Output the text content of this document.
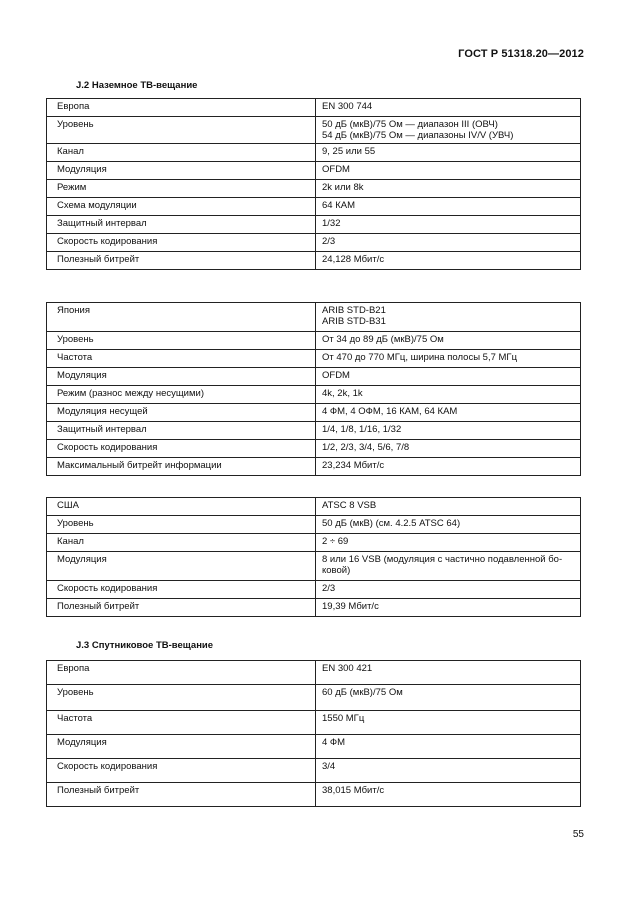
ГОСТ Р 51318.20—2012
J.2 Наземное ТВ-вещание
Европа	EN 300 744

Уровень	50 дБ (мкВ)/75 Ом — диапазон III (ОВЧ)
54 дБ (мкВ)/75 Ом — диапазоны IV/V (УВЧ)

Канал	9, 25 или 55

Модуляция	OFDM

Режим	2k или 8k

Схема модуляции	64 КАМ

Защитный интервал	1/32

Скорость кодирования	2/3

Полезный битрейт	24,128 Мбит/с
Япония	ARIB STD-B21
ARIB STD-B31

Уровень	От 34 до 89 дБ (мкВ)/75 Ом

Частота	От 470 до 770 МГц, ширина полосы 5,7 МГц

Модуляция	OFDM

Режим (разнос между несущими)	4k, 2k, 1k

Модуляция несущей	4 ФМ, 4 ОФМ, 16 КАМ, 64 КАМ

Защитный интервал	1/4, 1/8, 1/16, 1/32

Скорость кодирования	1/2, 2/3, 3/4, 5/6, 7/8

Максимальный битрейт информации	23,234 Мбит/с
США	ATSC 8 VSB

Уровень	50 дБ (мкВ) (см. 4.2.5 ATSC 64)

Канал	2 ÷ 69

Модуляция	8 или 16 VSB (модуляция с частично подавленной бо-
ковой)

Скорость кодирования	2/3

Полезный битрейт	19,39 Мбит/с
J.3 Спутниковое ТВ-вещание
Европа	EN 300 421

Уровень	60 дБ (мкВ)/75 Ом

Частота	1550 МГц

Модуляция	4 ФМ

Скорость кодирования	3/4

Полезный битрейт	38,015 Мбит/с
55
